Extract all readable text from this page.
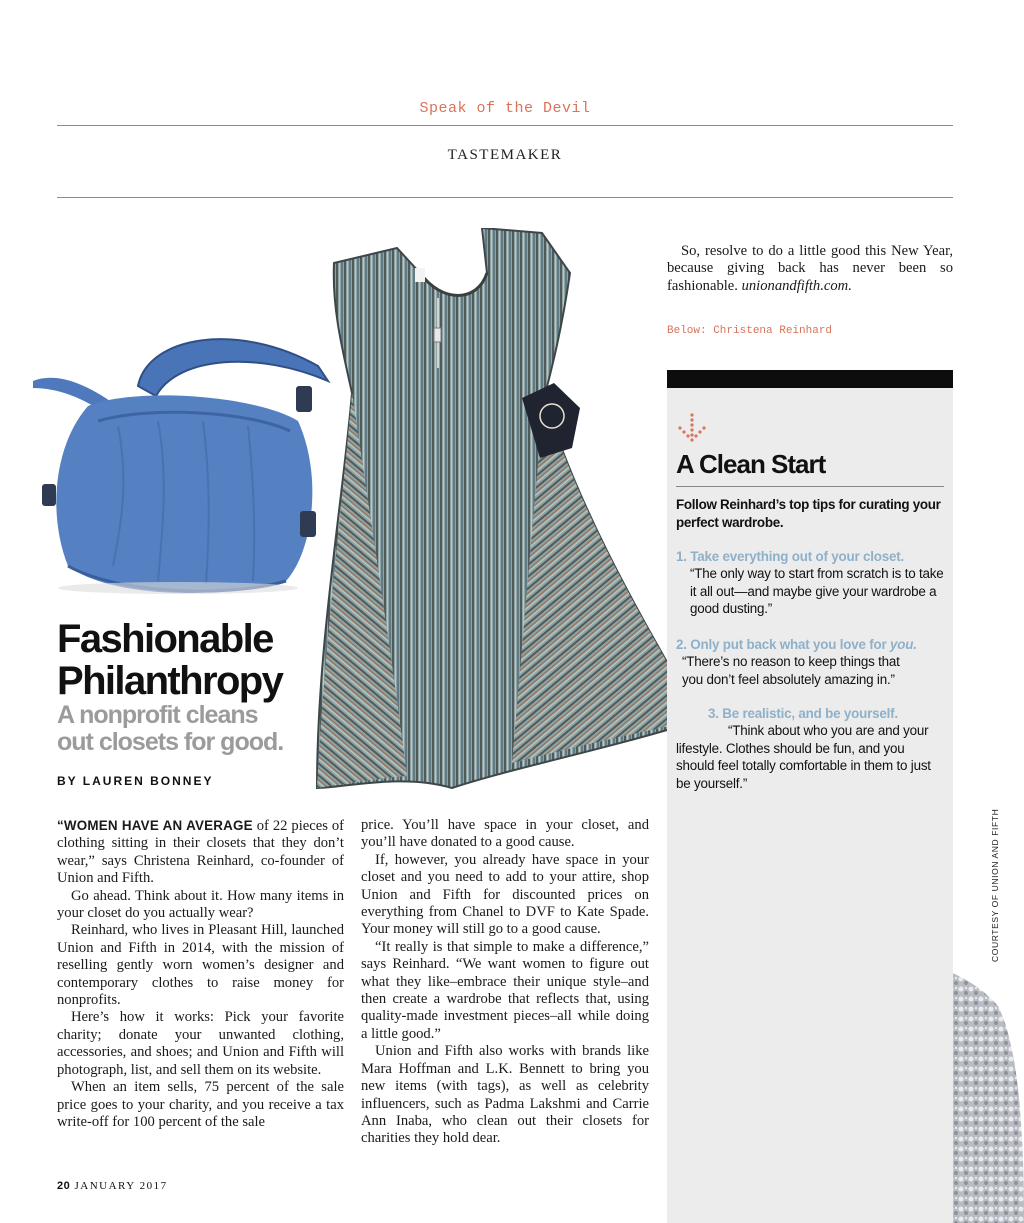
Speak of the Devil
TASTEMAKER
Fashionable
Philanthropy
A nonprofit cleans
out closets for good.
BY LAUREN BONNEY

“WOMEN HAVE AN AVERAGE of 22 pieces of clothing sitting in their closets that they don’t wear,” says Christena Reinhard, co-founder of Union and Fifth.

Go ahead. Think about it. How many items in your closet do you actually wear?

Reinhard, who lives in Pleasant Hill, launched Union and Fifth in 2014, with the mission of reselling gently worn women’s designer and contemporary clothes to raise money for nonprofits.

Here’s how it works: Pick your favorite charity; donate your unwanted clothing, accessories, and shoes; and Union and Fifth will photograph, list, and sell them on its website.

When an item sells, 75 percent of the sale price goes to your charity, and you receive a tax write-off for 100 percent of the sale

price. You’ll have space in your closet, and you’ll have donated to a good cause.

If, however, you already have space in your closet and you need to add to your attire, shop Union and Fifth for discounted prices on everything from Chanel to DVF to Kate Spade. Your money will still go to a good cause.

“It really is that simple to make a difference,” says Reinhard. “We want women to figure out what they like–embrace their unique style–and then create a wardrobe that reflects that, using quality-made investment pieces–all while doing a little good.”

Union and Fifth also works with brands like Mara Hoffman and L.K. Bennett to bring you new items (with tags), as well as celebrity influencers, such as Padma Lakshmi and Carrie Ann Inaba, who clean out their closets for charities they hold dear.

So, resolve to do a little good this New Year, because giving back has never been so fashionable. unionandfifth.com.
Below: Christena Reinhard
A Clean Start
Follow Reinhard’s top tips for curating your perfect wardrobe.
1. Take everything out of your closet.
“The only way to start from scratch is to take it all out—and maybe give your wardrobe a good dusting.”
2. Only put back what you love for you.
“There’s no reason to keep things that you don’t feel absolutely amazing in.”
3. Be realistic, and be yourself.
“Think about who you are and your lifestyle. Clothes should be fun, and you should feel totally comfortable in them to just be yourself.”
COURTESY OF UNION AND FIFTH
20 JANUARY 2017
